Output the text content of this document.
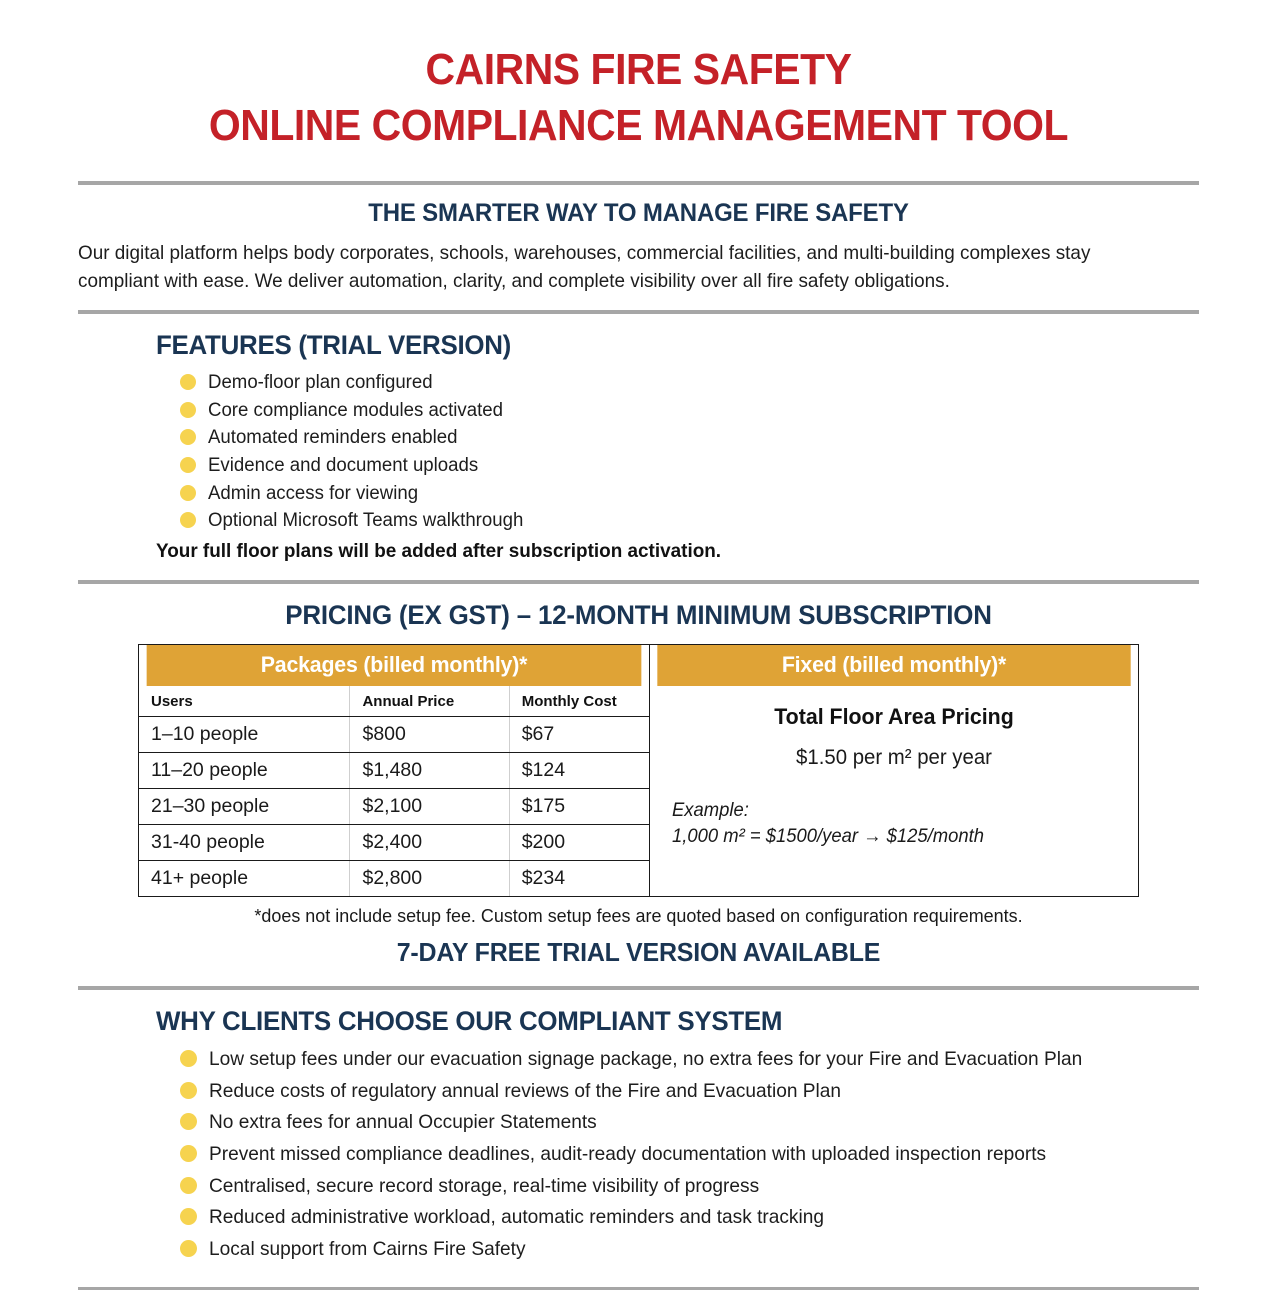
CAIRNS FIRE SAFETY
ONLINE COMPLIANCE MANAGEMENT TOOL
THE SMARTER WAY TO MANAGE FIRE SAFETY
Our digital platform helps body corporates, schools, warehouses, commercial facilities, and multi-building complexes stay compliant with ease. We deliver automation, clarity, and complete visibility over all fire safety obligations.
FEATURES (TRIAL VERSION)
Demo-floor plan configured
Core compliance modules activated
Automated reminders enabled
Evidence and document uploads
Admin access for viewing
Optional Microsoft Teams walkthrough
Your full floor plans will be added after subscription activation.
PRICING (EX GST) – 12-MONTH MINIMUM SUBSCRIPTION
Packages (billed monthly)*
Users	Annual Price	Monthly Cost
1–10 people	$800	$67
11–20 people	$1,480	$124
21–30 people	$2,100	$175
31-40 people	$2,400	$200
41+ people	$2,800	$234
Fixed (billed monthly)*
Total Floor Area Pricing
$1.50 per m² per year
Example:
1,000 m² = $1500/year → $125/month
*does not include setup fee. Custom setup fees are quoted based on configuration requirements.
7-DAY FREE TRIAL VERSION AVAILABLE
WHY CLIENTS CHOOSE OUR COMPLIANT SYSTEM
Low setup fees under our evacuation signage package, no extra fees for your Fire and Evacuation Plan
Reduce costs of regulatory annual reviews of the Fire and Evacuation Plan
No extra fees for annual Occupier Statements
Prevent missed compliance deadlines, audit-ready documentation with uploaded inspection reports
Centralised, secure record storage, real-time visibility of progress
Reduced administrative workload, automatic reminders and task tracking
Local support from Cairns Fire Safety
